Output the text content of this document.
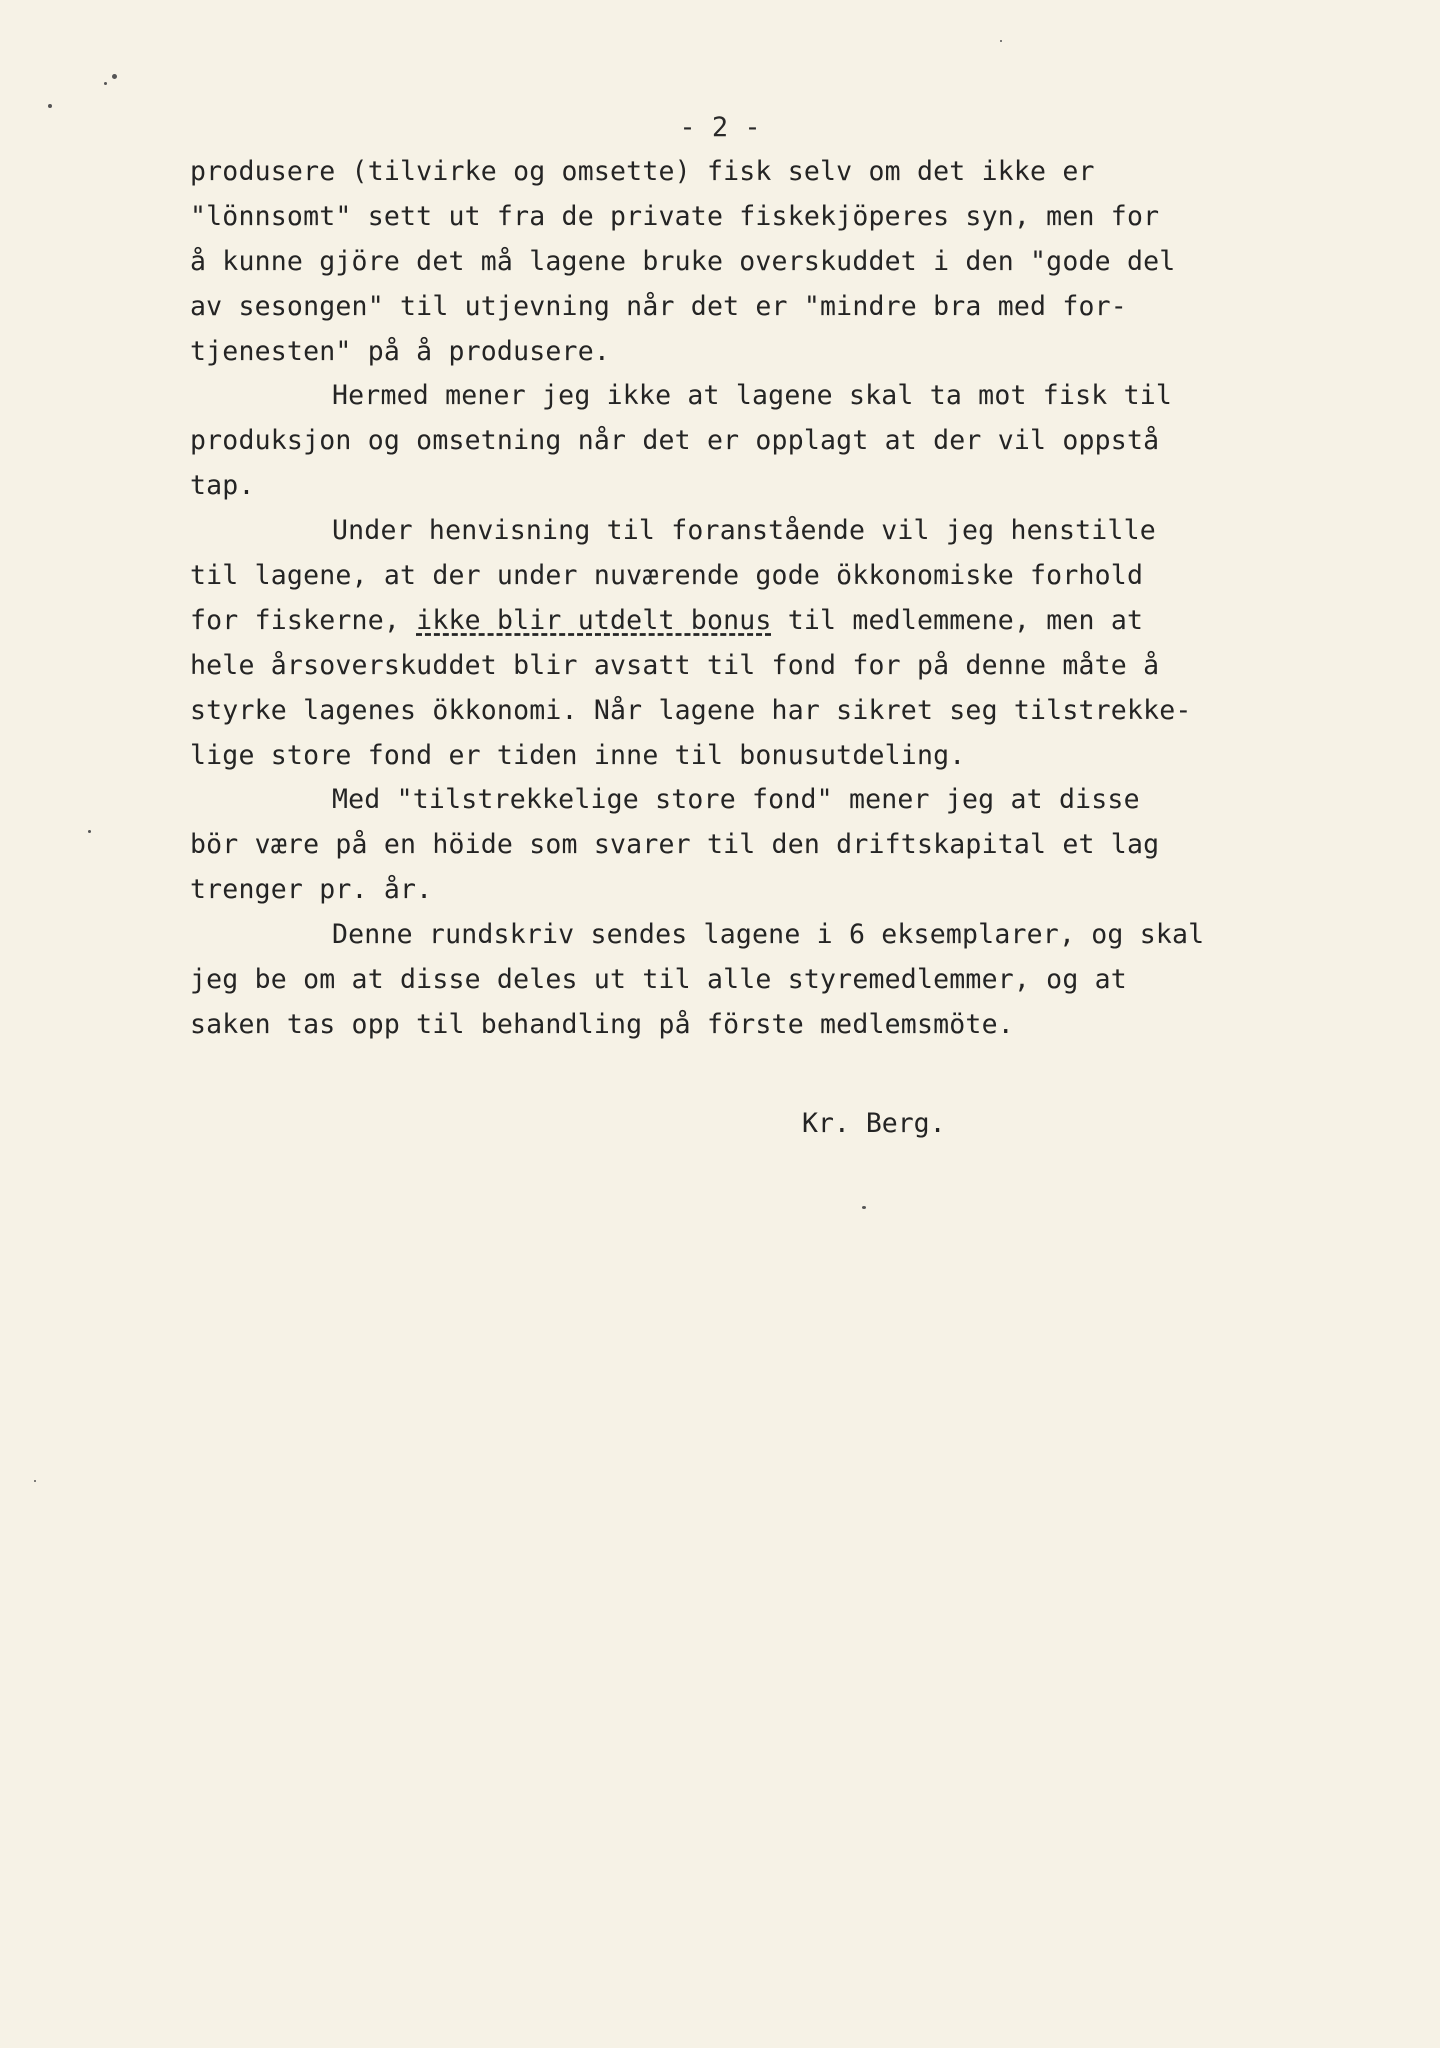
- 2 -
produsere (tilvirke og omsette) fisk selv om det ikke er
"lönnsomt" sett ut fra de private fiskekjöperes syn, men for
å kunne gjöre det må lagene bruke overskuddet i den "gode del
av sesongen" til utjevning når det er "mindre bra med for-
tjenesten" på å produsere.
Hermed mener jeg ikke at lagene skal ta mot fisk til
produksjon og omsetning når det er opplagt at der vil oppstå
tap.
Under henvisning til foranstående vil jeg henstille
til lagene, at der under nuværende gode ökkonomiske forhold
for fiskerne, ikke blir utdelt bonus til medlemmene, men at
hele årsoverskuddet blir avsatt til fond for på denne måte å
styrke lagenes ökkonomi. Når lagene har sikret seg tilstrekke-
lige store fond er tiden inne til bonusutdeling.
Med "tilstrekkelige store fond" mener jeg at disse
bör være på en höide som svarer til den driftskapital et lag
trenger pr. år.
Denne rundskriv sendes lagene i 6 eksemplarer, og skal
jeg be om at disse deles ut til alle styremedlemmer, og at
saken tas opp til behandling på förste medlemsmöte.
Kr. Berg.
